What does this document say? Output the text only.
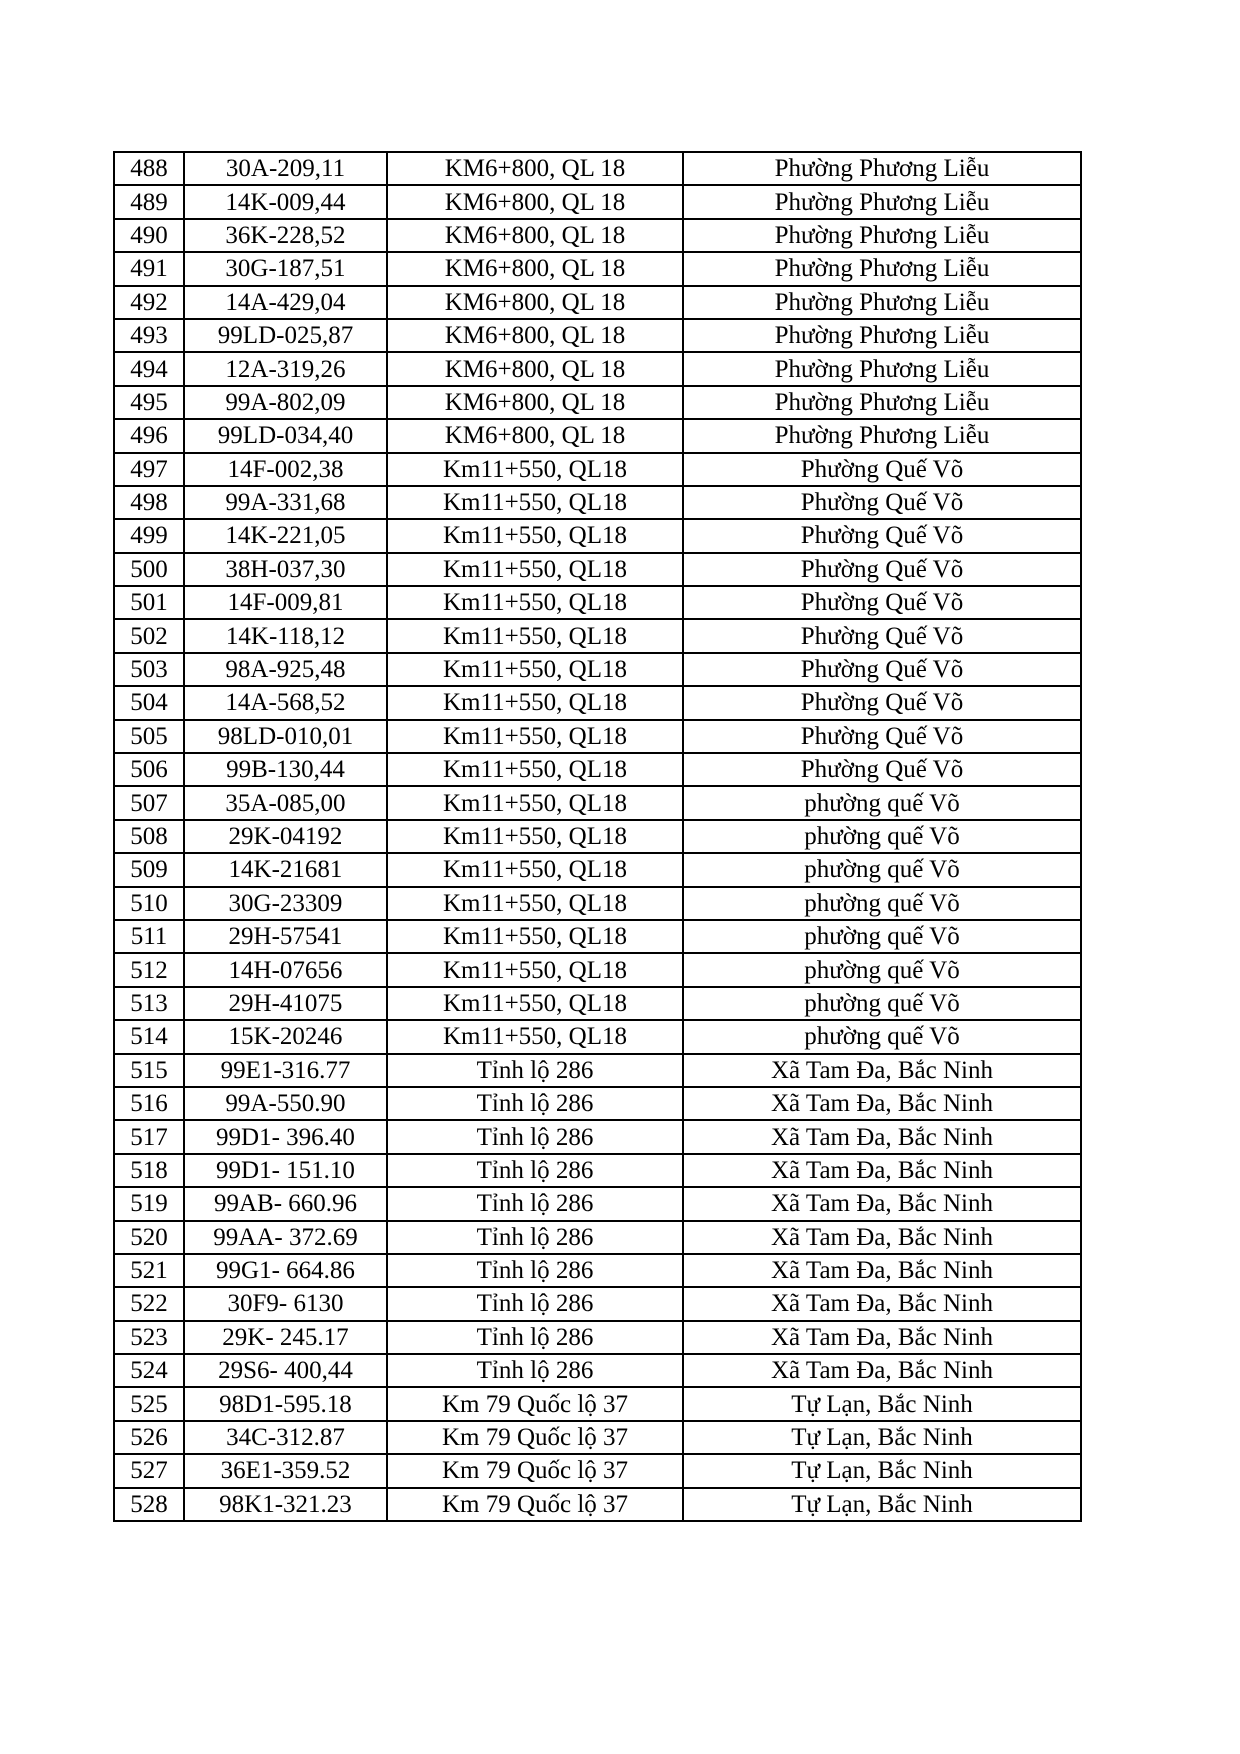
488	30A-209,11	KM6+800, QL 18	Phường Phương Liễu
489	14K-009,44	KM6+800, QL 18	Phường Phương Liễu
490	36K-228,52	KM6+800, QL 18	Phường Phương Liễu
491	30G-187,51	KM6+800, QL 18	Phường Phương Liễu
492	14A-429,04	KM6+800, QL 18	Phường Phương Liễu
493	99LD-025,87	KM6+800, QL 18	Phường Phương Liễu
494	12A-319,26	KM6+800, QL 18	Phường Phương Liễu
495	99A-802,09	KM6+800, QL 18	Phường Phương Liễu
496	99LD-034,40	KM6+800, QL 18	Phường Phương Liễu
497	14F-002,38	Km11+550, QL18	Phường Quế Võ
498	99A-331,68	Km11+550, QL18	Phường Quế Võ
499	14K-221,05	Km11+550, QL18	Phường Quế Võ
500	38H-037,30	Km11+550, QL18	Phường Quế Võ
501	14F-009,81	Km11+550, QL18	Phường Quế Võ
502	14K-118,12	Km11+550, QL18	Phường Quế Võ
503	98A-925,48	Km11+550, QL18	Phường Quế Võ
504	14A-568,52	Km11+550, QL18	Phường Quế Võ
505	98LD-010,01	Km11+550, QL18	Phường Quế Võ
506	99B-130,44	Km11+550, QL18	Phường Quế Võ
507	35A-085,00	Km11+550, QL18	phường quế Võ
508	29K-04192	Km11+550, QL18	phường quế Võ
509	14K-21681	Km11+550, QL18	phường quế Võ
510	30G-23309	Km11+550, QL18	phường quế Võ
511	29H-57541	Km11+550, QL18	phường quế Võ
512	14H-07656	Km11+550, QL18	phường quế Võ
513	29H-41075	Km11+550, QL18	phường quế Võ
514	15K-20246	Km11+550, QL18	phường quế Võ
515	99E1-316.77	Tỉnh lộ 286	Xã Tam Đa, Bắc Ninh
516	99A-550.90	Tỉnh lộ 286	Xã Tam Đa, Bắc Ninh
517	99D1- 396.40	Tỉnh lộ 286	Xã Tam Đa, Bắc Ninh
518	99D1- 151.10	Tỉnh lộ 286	Xã Tam Đa, Bắc Ninh
519	99AB- 660.96	Tỉnh lộ 286	Xã Tam Đa, Bắc Ninh
520	99AA- 372.69	Tỉnh lộ 286	Xã Tam Đa, Bắc Ninh
521	99G1- 664.86	Tỉnh lộ 286	Xã Tam Đa, Bắc Ninh
522	30F9- 6130	Tỉnh lộ 286	Xã Tam Đa, Bắc Ninh
523	29K- 245.17	Tỉnh lộ 286	Xã Tam Đa, Bắc Ninh
524	29S6- 400,44	Tỉnh lộ 286	Xã Tam Đa, Bắc Ninh
525	98D1-595.18	Km 79 Quốc lộ 37	Tự Lạn, Bắc Ninh
526	34C-312.87	Km 79 Quốc lộ 37	Tự Lạn, Bắc Ninh
527	36E1-359.52	Km 79 Quốc lộ 37	Tự Lạn, Bắc Ninh
528	98K1-321.23	Km 79 Quốc lộ 37	Tự Lạn, Bắc Ninh
